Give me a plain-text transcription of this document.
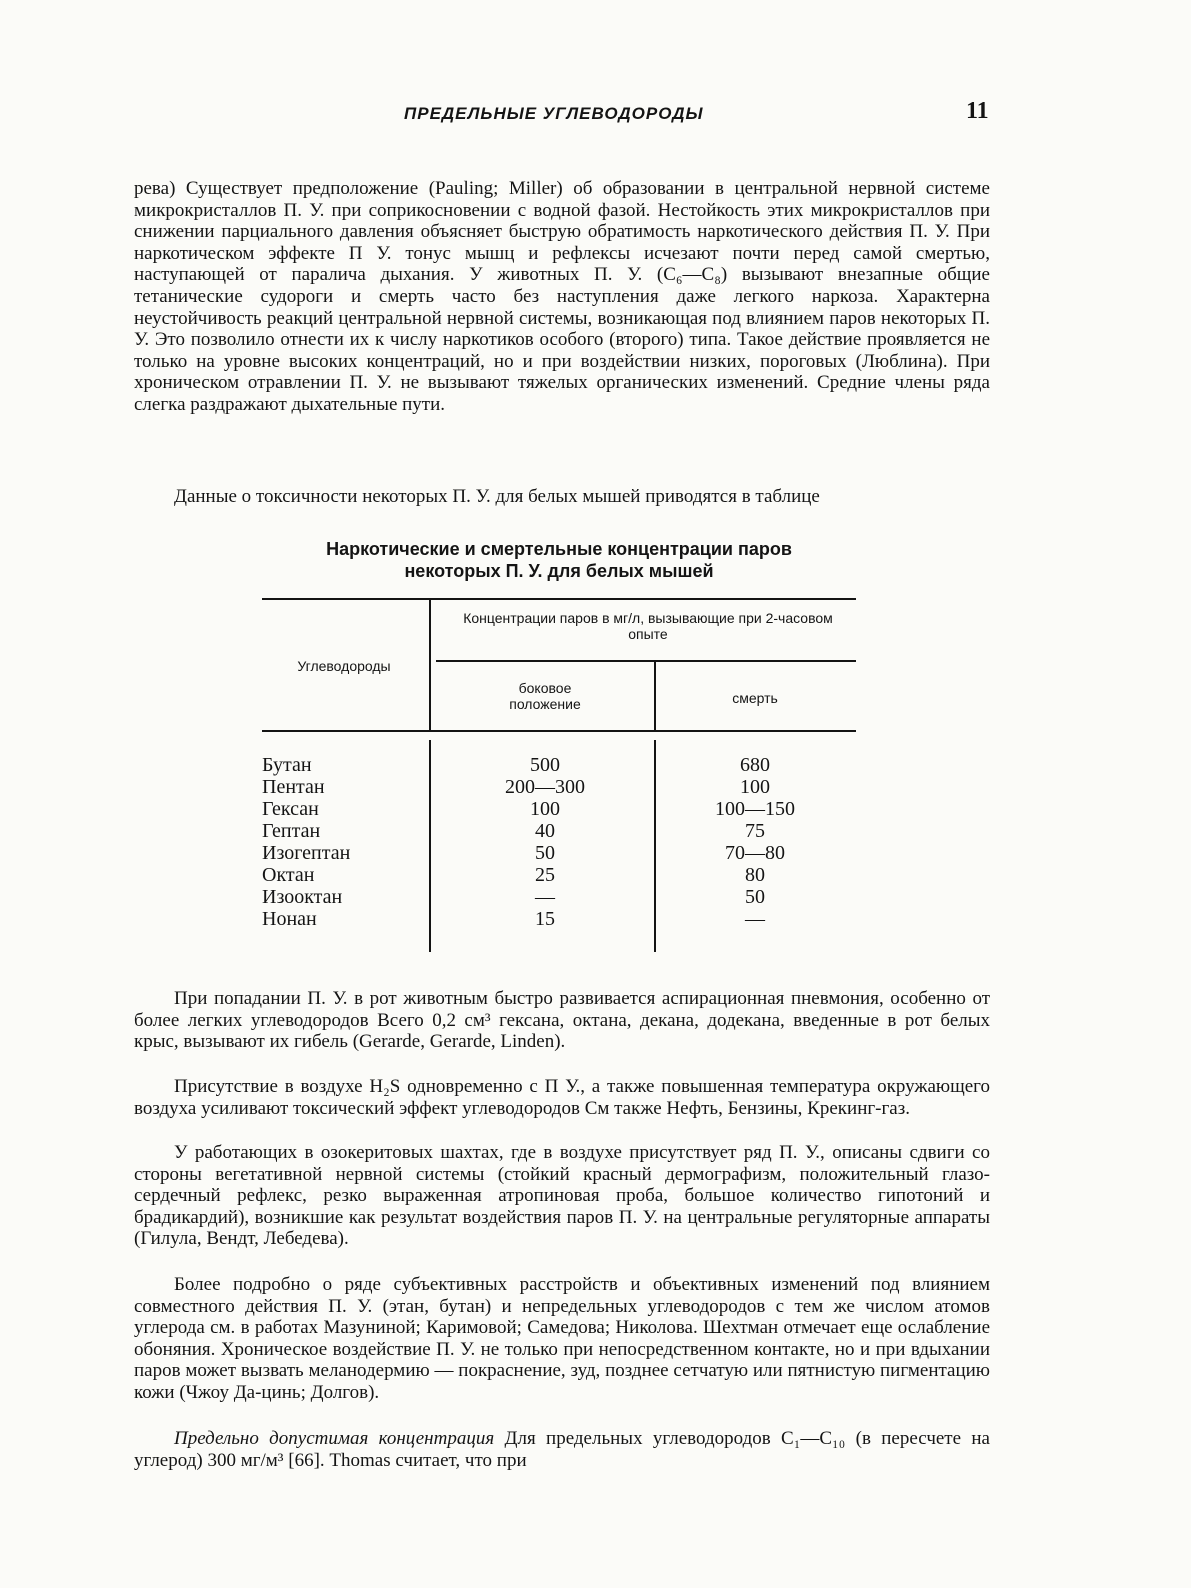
ПРЕДЕЛЬНЫЕ УГЛЕВОДОРОДЫ	11

рева) Существует предположение (Pauling; Miller) об образовании в центральной нервной системе микрокристаллов П. У. при соприкосновении с водной фазой. Нестойкость этих микрокристаллов при снижении парциального давления объясняет быструю обратимость наркотического действия П. У. При наркотическом эффекте П У. тонус мышц и рефлексы исчезают почти перед самой смертью, наступающей от паралича дыхания. У животных П. У. (С₆—С₈) вызывают внезапные общие тетанические судороги и смерть часто без наступления даже легкого наркоза. Характерна неустойчивость реакций центральной нервной системы, возникающая под влиянием паров некоторых П. У. Это позволило отнести их к числу наркотиков особого (второго) типа. Такое действие проявляется не только на уровне высоких концентраций, но и при воздействии низких, пороговых (Люблина). При хроническом отравлении П. У. не вызывают тяжелых органических изменений. Средние члены ряда слегка раздражают дыхательные пути.

Данные о токсичности некоторых П. У. для белых мышей приводятся в таблице

Наркотические и смертельные концентрации паров
некоторых П. У. для белых мышей
Углеводороды
Концентрации паров в мг/л, вызывающие при 2-часовом опыте
боковое положение	смерть
Бутан	500	680
Пентан	200—300	100
Гексан	100	100—150
Гептан	40	75
Изогептан	50	70—80
Октан	25	80
Изооктан	—	50
Нонан	15	—

При попадании П. У. в рот животным быстро развивается аспирационная пневмония, особенно от более легких углеводородов Всего 0,2 см³ гексана, октана, декана, додекана, введенные в рот белых крыс, вызывают их гибель (Gerarde, Gerarde, Linden).

Присутствие в воздухе H₂S одновременно с П У., а также повышенная температура окружающего воздуха усиливают токсический эффект углеводородов См также Нефть, Бензины, Крекинг-газ.

У работающих в озокеритовых шахтах, где в воздухе присутствует ряд П. У., описаны сдвиги со стороны вегетативной нервной системы (стойкий красный дермографизм, положительный глазо-сердечный рефлекс, резко выраженная атропиновая проба, большое количество гипотоний и брадикардий), возникшие как результат воздействия паров П. У. на центральные регуляторные аппараты (Гилула, Вендт, Лебедева).

Более подробно о ряде субъективных расстройств и объективных изменений под влиянием совместного действия П. У. (этан, бутан) и непредельных углеводородов с тем же числом атомов углерода см. в работах Мазуниной; Каримовой; Самедова; Николова. Шехтман отмечает еще ослабление обоняния. Хроническое воздействие П. У. не только при непосредственном контакте, но и при вдыхании паров может вызвать меланодермию — покраснение, зуд, позднее сетчатую или пятнистую пигментацию кожи (Чжоу Да-цинь; Долгов).

Предельно допустимая концентрация Для предельных углеводородов С₁—С₁₀ (в пересчете на углерод) 300 мг/м³ [66]. Thomas считает, что при
